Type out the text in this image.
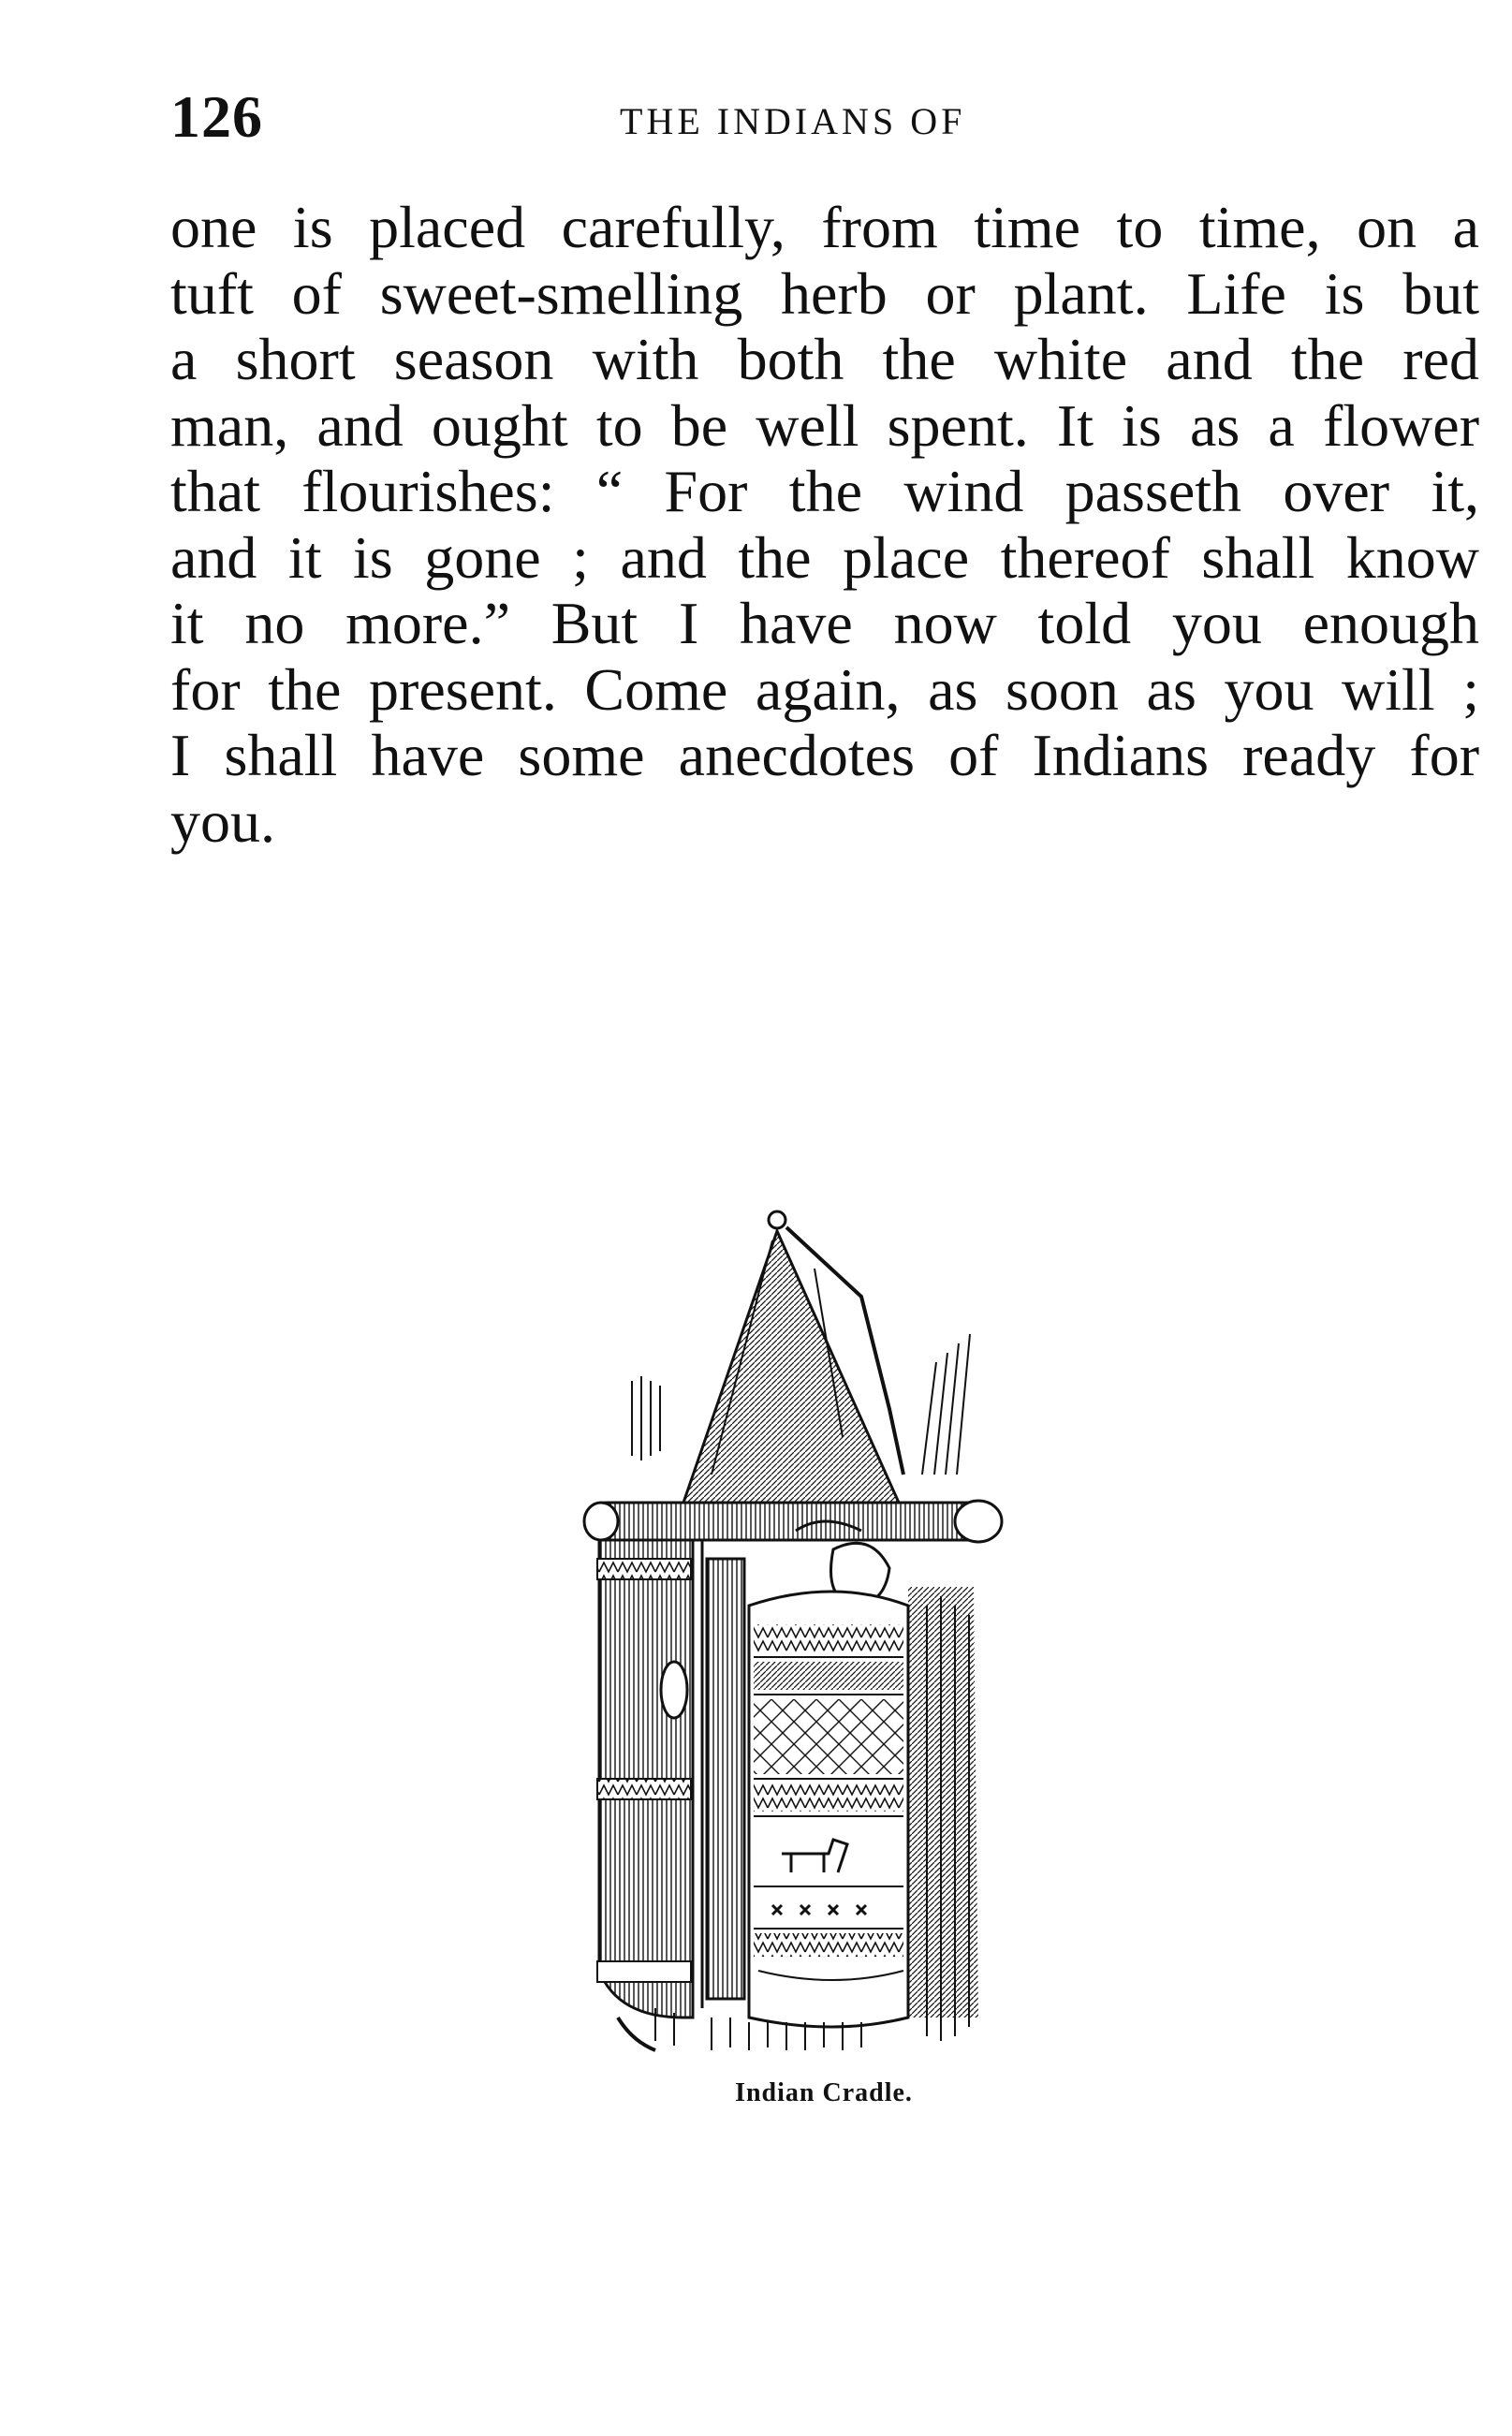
126	THE INDIANS OF
one is placed carefully, from time to time, on a
tuft of sweet-smelling herb or plant. Life is but
a short season with both the white and the red
man, and ought to be well spent. It is as a flower
that flourishes: “ For the wind passeth over it,
and it is gone ; and the place thereof shall know
it no more.” But I have now told you enough
for the present. Come again, as soon as you will ;
I shall have some anecdotes of Indians ready for
you.
Indian Cradle.
